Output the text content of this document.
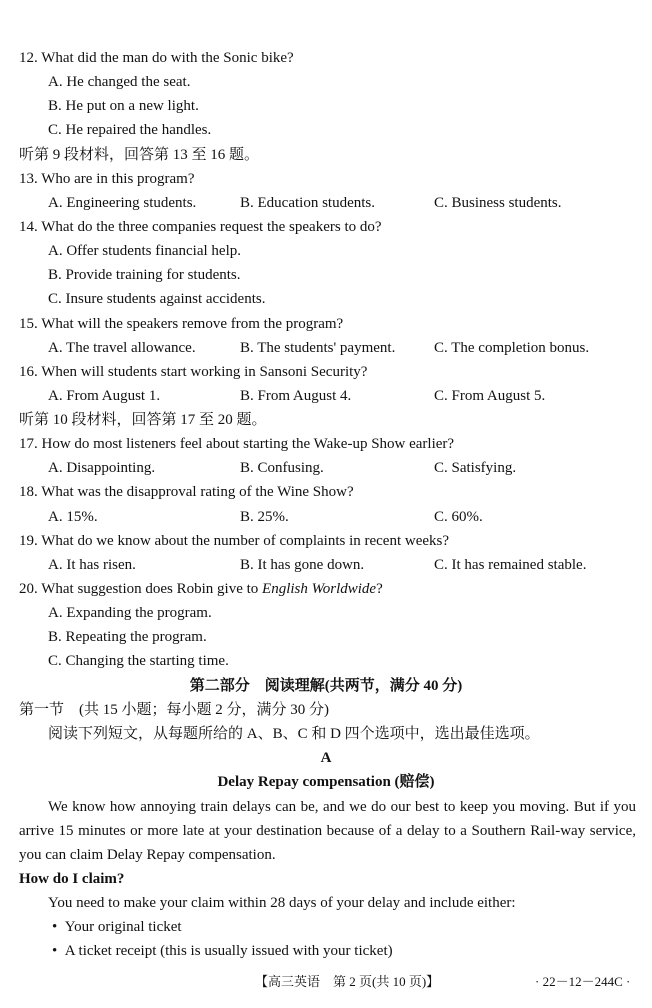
12. What did the man do with the Sonic bike?
A. He changed the seat.
B. He put on a new light.
C. He repaired the handles.
听第 9 段材料，回答第 13 至 16 题。
13. Who are in this program?
A. Engineering students.	B. Education students.	C. Business students.
14. What do the three companies request the speakers to do?
A. Offer students financial help.
B. Provide training for students.
C. Insure students against accidents.
15. What will the speakers remove from the program?
A. The travel allowance.	B. The students' payment.	C. The completion bonus.
16. When will students start working in Sansoni Security?
A. From August 1.	B. From August 4.	C. From August 5.
听第 10 段材料，回答第 17 至 20 题。
17. How do most listeners feel about starting the Wake-up Show earlier?
A. Disappointing.	B. Confusing.	C. Satisfying.
18. What was the disapproval rating of the Wine Show?
A. 15%.	B. 25%.	C. 60%.
19. What do we know about the number of complaints in recent weeks?
A. It has risen.	B. It has gone down.	C. It has remained stable.
20. What suggestion does Robin give to English Worldwide?
A. Expanding the program.
B. Repeating the program.
C. Changing the starting time.
第二部分　阅读理解(共两节，满分 40 分)
第一节　(共 15 小题；每小题 2 分，满分 30 分)
阅读下列短文，从每题所给的 A、B、C 和 D 四个选项中，选出最佳选项。
A
Delay Repay compensation (赔偿)
We know how annoying train delays can be, and we do our best to keep you moving. But if you arrive 15 minutes or more late at your destination because of a delay to a Southern Rail-way service, you can claim Delay Repay compensation.
How do I claim?
You need to make your claim within 28 days of your delay and include either:
•  Your original ticket
•  A ticket receipt (this is usually issued with your ticket)
【高三英语　第 2 页(共 10 页)】	· 22－12－244C ·
